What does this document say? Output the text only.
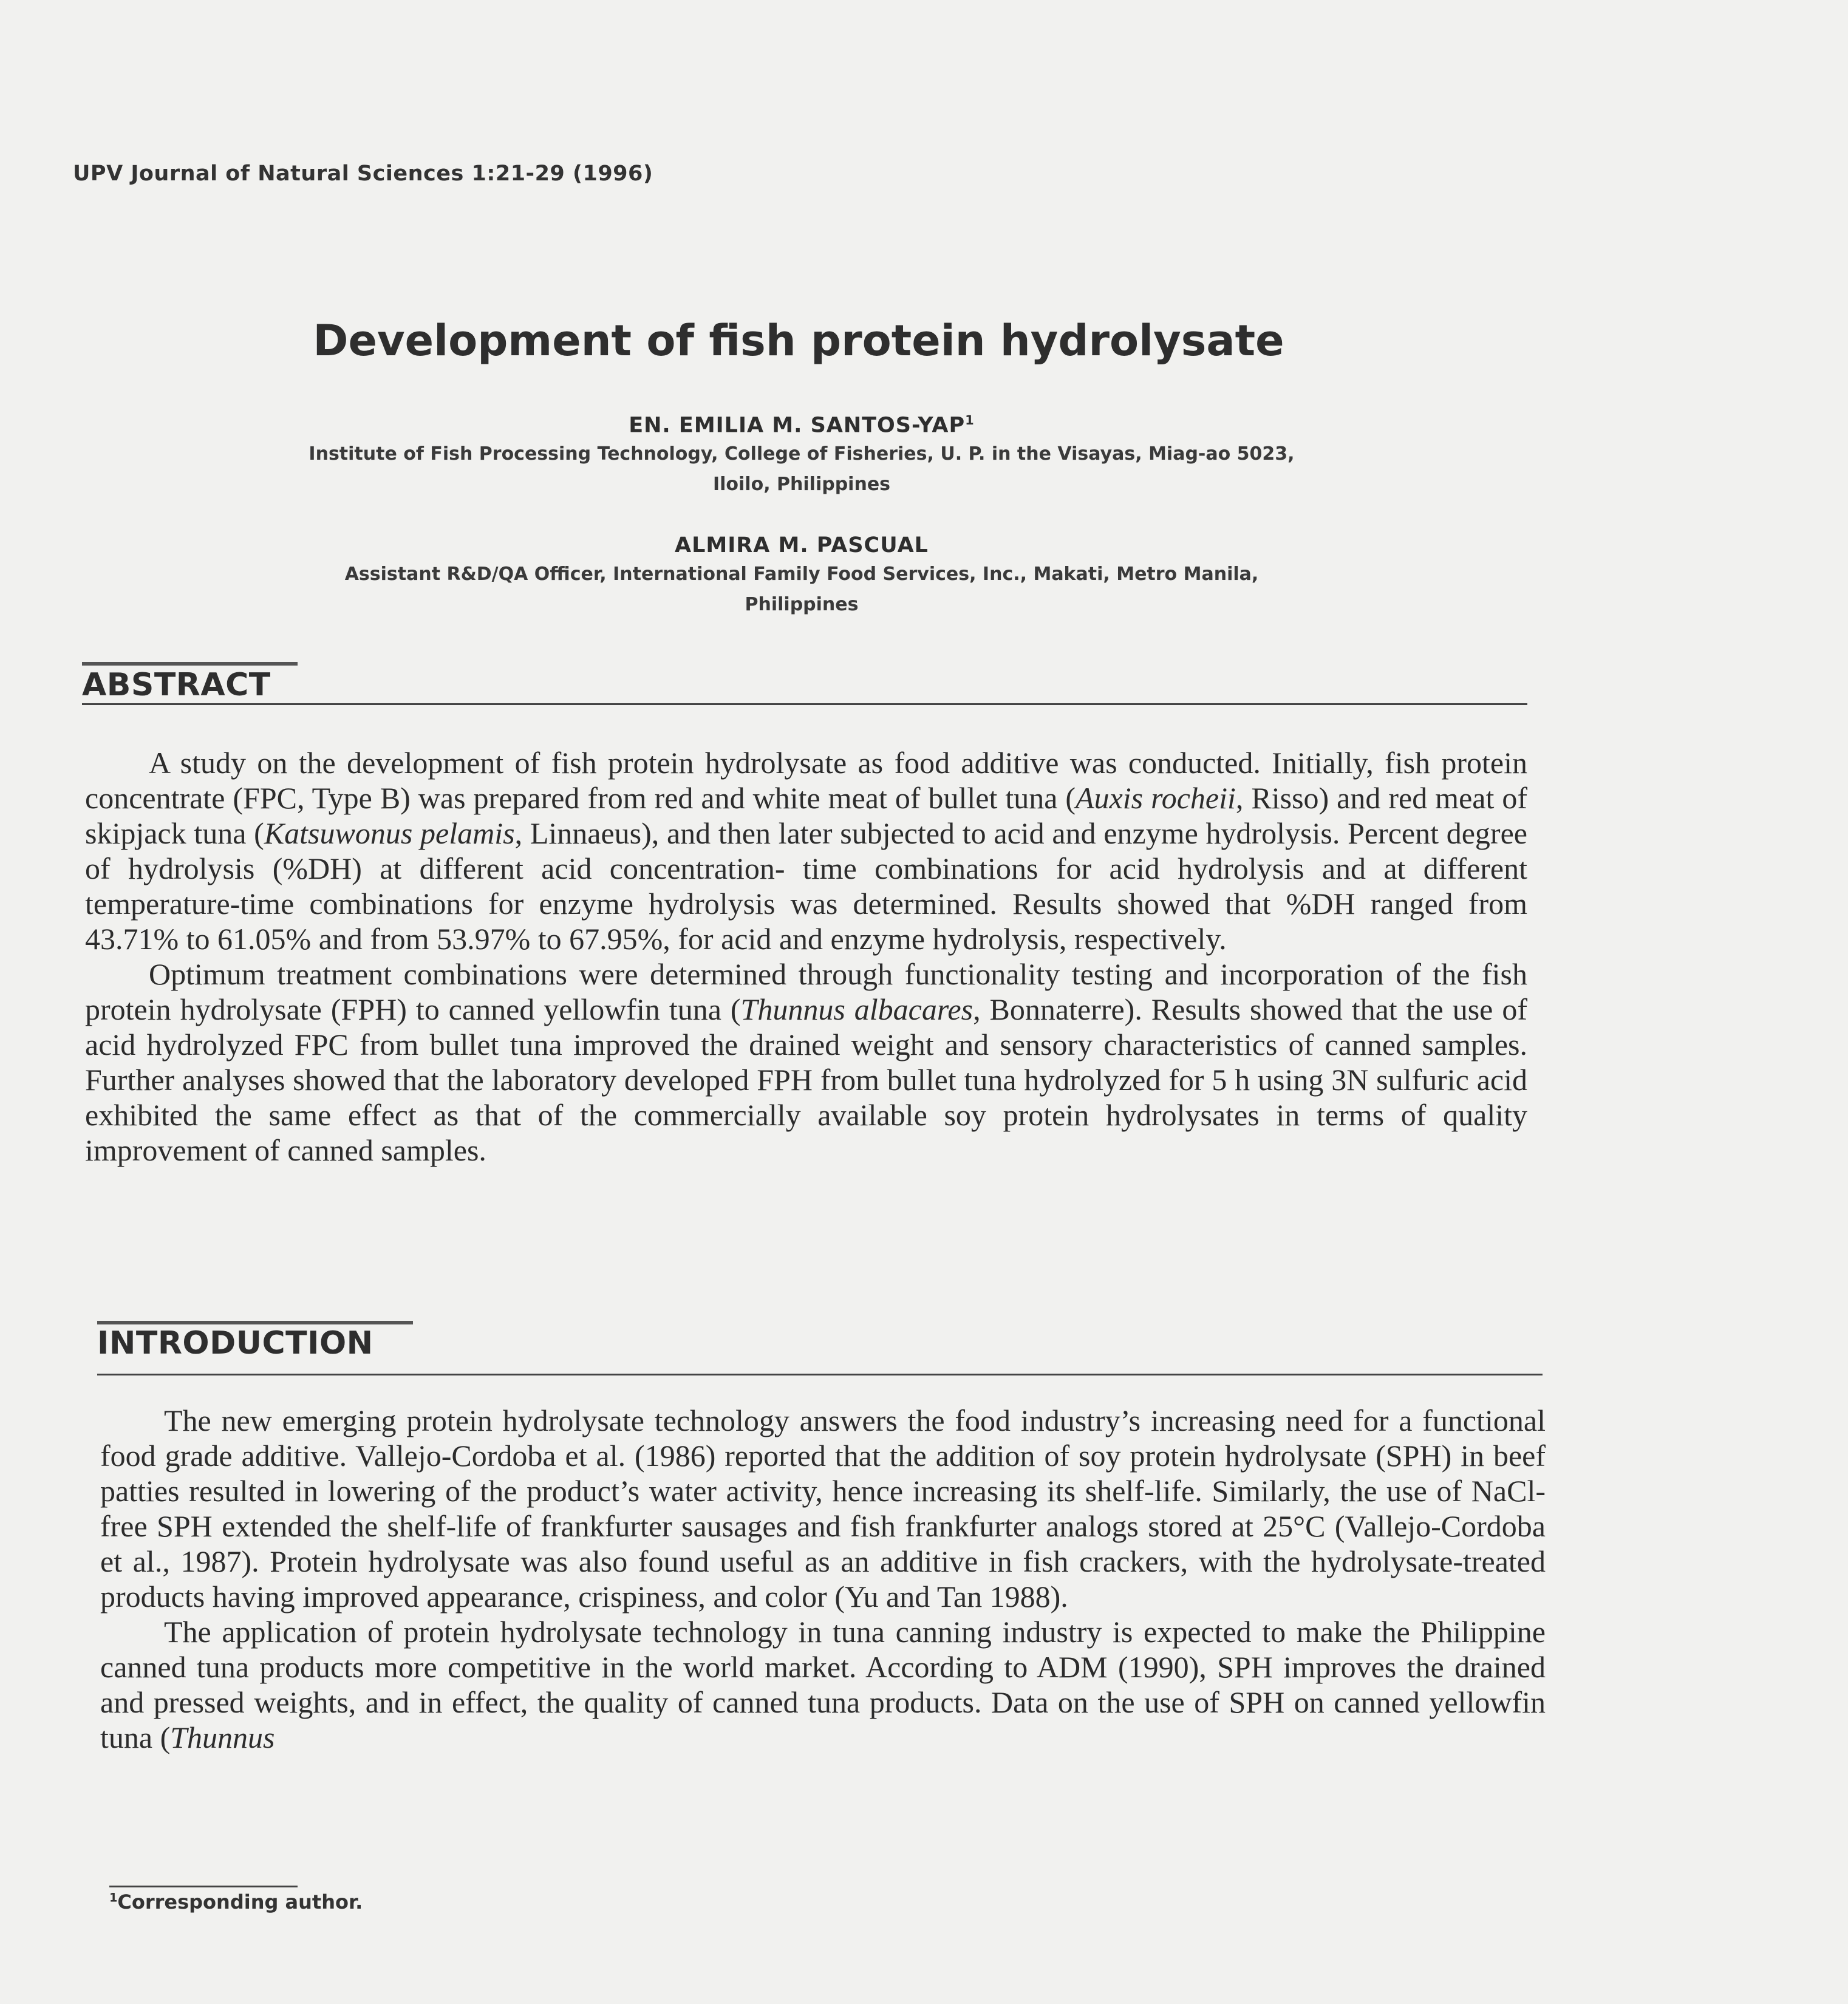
UPV Journal of Natural Sciences 1:21-29 (1996)
Development of fish protein hydrolysate
EN. EMILIA M. SANTOS-YAP$^1$
Institute of Fish Processing Technology, College of Fisheries, U. P. in the Visayas, Miag-ao 5023,
Iloilo, Philippines
ALMIRA M. PASCUAL
Assistant R&D/QA Officer, International Family Food Services, Inc., Makati, Metro Manila,
Philippines
ABSTRACT

A study on the development of fish protein hydrolysate as food additive was conducted. Initially, fish protein concentrate (FPC, Type B) was prepared from red and white meat of bullet tuna (Auxis rocheii, Risso) and red meat of skipjack tuna (Katsuwonus pelamis, Linnaeus), and then later subjected to acid and enzyme hydrolysis. Percent degree of hydrolysis (%DH) at different acid concentration- time combinations for acid hydrolysis and at different temperature-time combinations for enzyme hydrolysis was determined. Results showed that %DH ranged from 43.71% to 61.05% and from 53.97% to 67.95%, for acid and enzyme hydrolysis, respectively.

Optimum treatment combinations were determined through functionality testing and incorporation of the fish protein hydrolysate (FPH) to canned yellowfin tuna (Thunnus albacares, Bonnaterre). Results showed that the use of acid hydrolyzed FPC from bullet tuna improved the drained weight and sensory characteristics of canned samples. Further analyses showed that the laboratory developed FPH from bullet tuna hydrolyzed for 5 h using 3N sulfuric acid exhibited the same effect as that of the commercially available soy protein hydrolysates in terms of quality improvement of canned samples.

INTRODUCTION

The new emerging protein hydrolysate technology answers the food industry’s increasing need for a functional food grade additive. Vallejo-Cordoba et al. (1986) reported that the addition of soy protein hydrolysate (SPH) in beef patties resulted in lowering of the product’s water activity, hence increasing its shelf-life. Similarly, the use of NaCl-free SPH extended the shelf-life of frankfurter sausages and fish frankfurter analogs stored at 25°C (Vallejo-Cordoba et al., 1987). Protein hydrolysate was also found useful as an additive in fish crackers, with the hydrolysate-treated products having improved appearance, crispiness, and color (Yu and Tan 1988).

The application of protein hydrolysate technology in tuna canning industry is expected to make the Philippine canned tuna products more competitive in the world market. According to ADM (1990), SPH improves the drained and pressed weights, and in effect, the quality of canned tuna products. Data on the use of SPH on canned yellowfin tuna (Thunnus

$^1$Corresponding author.
